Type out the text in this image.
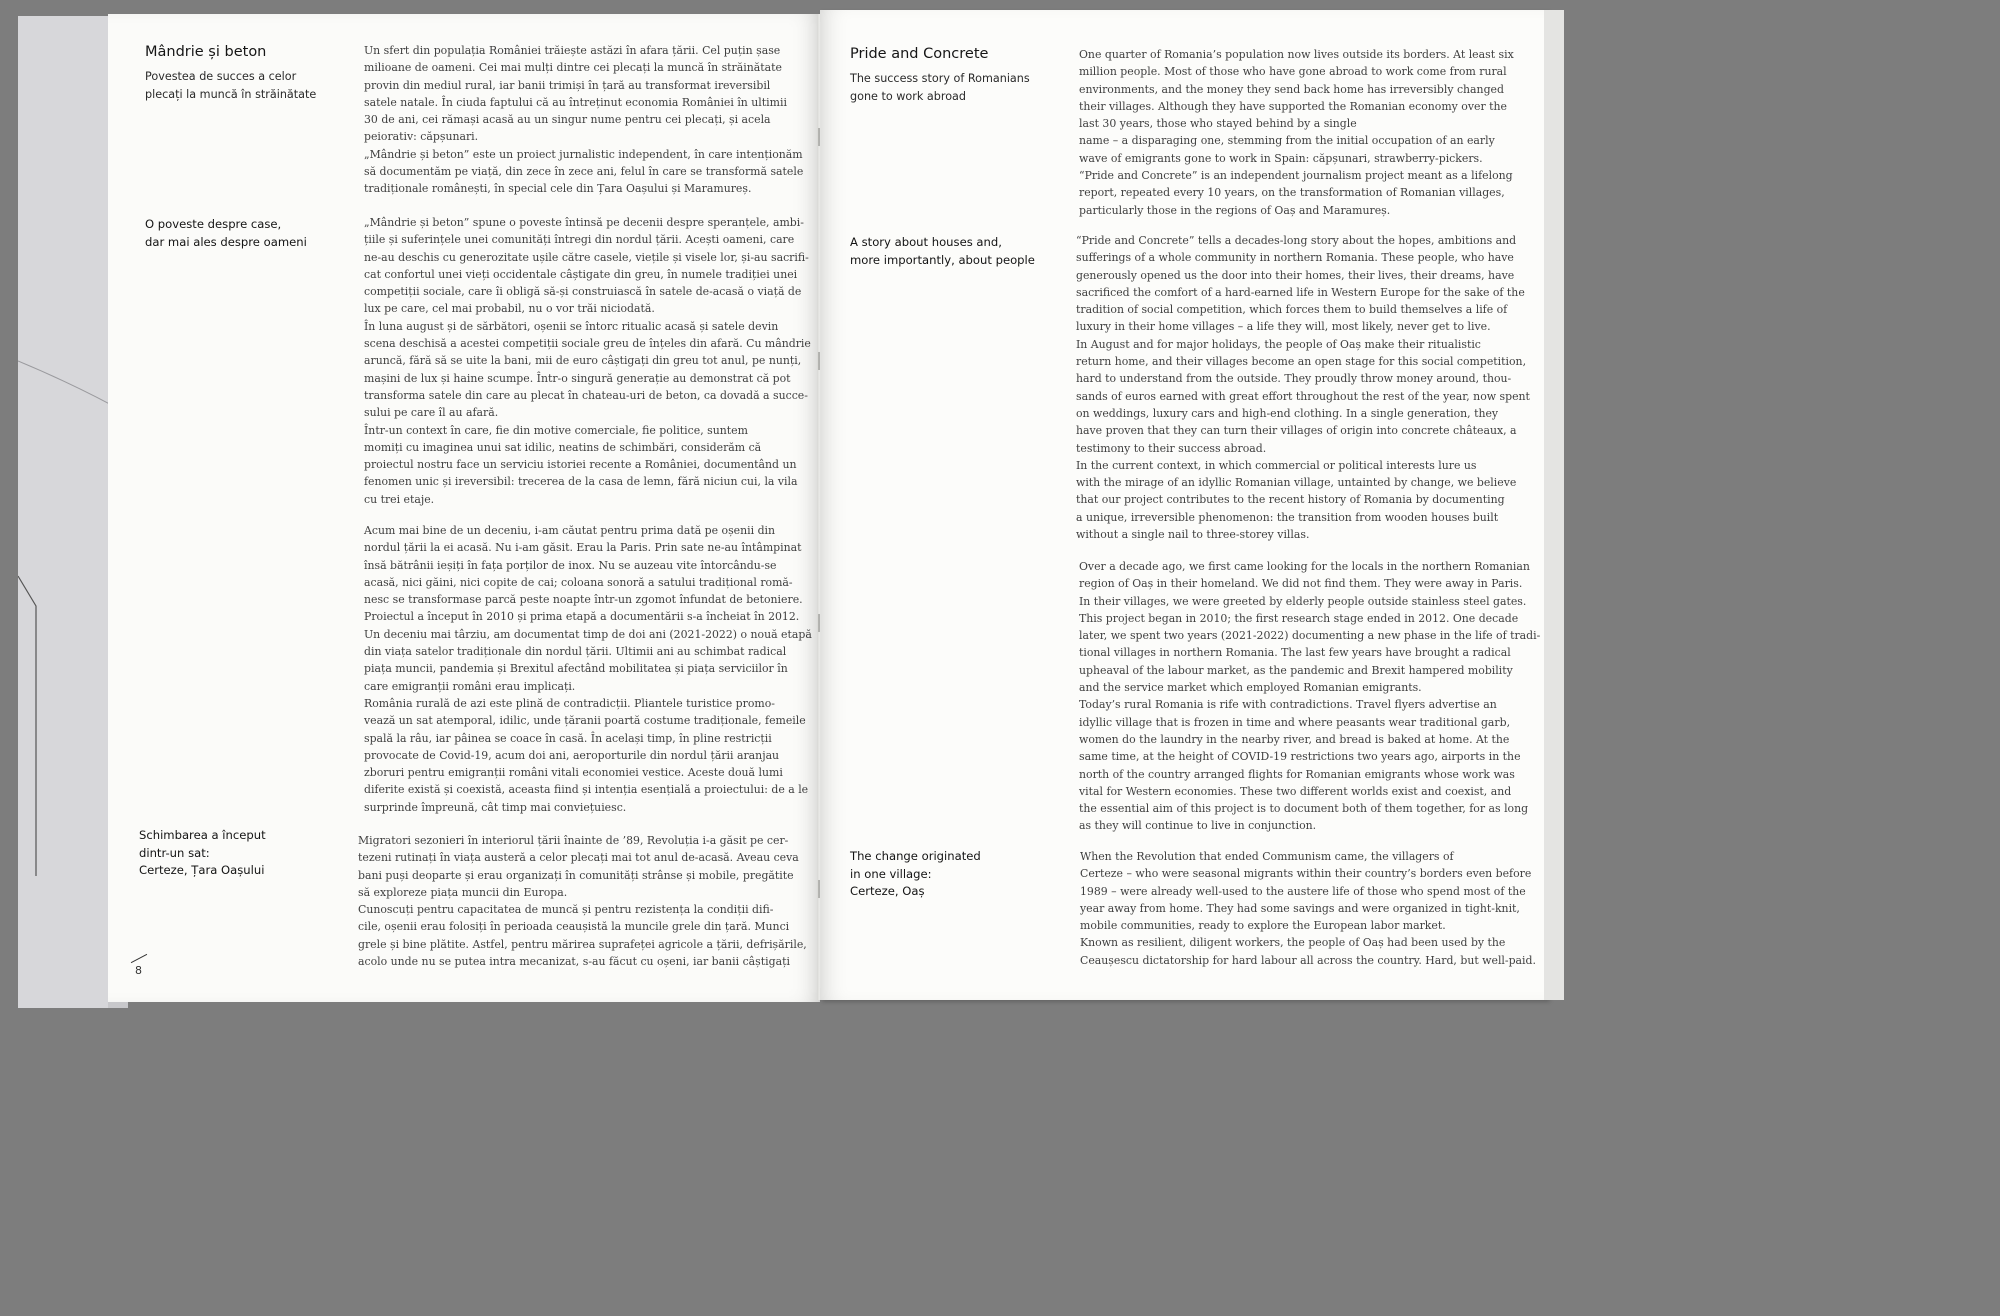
Mândrie și beton
Povestea de succes a celor
plecați la muncă în străinătate
Un sfert din populația României trăiește astăzi în afara țării. Cel puțin șase
milioane de oameni. Cei mai mulți dintre cei plecați la muncă în străinătate
provin din mediul rural, iar banii trimiși în țară au transformat ireversibil
satele natale. În ciuda faptului că au întreținut economia României în ultimii
30 de ani, cei rămași acasă au un singur nume pentru cei plecați, și acela
peiorativ: căpșunari.
„Mândrie și beton” este un proiect jurnalistic independent, în care intenționăm
să documentăm pe viață, din zece în zece ani, felul în care se transformă satele
tradiționale românești, în special cele din Țara Oașului și Maramureș.
O poveste despre case,
dar mai ales despre oameni
„Mândrie și beton” spune o poveste întinsă pe decenii despre speranțele, ambi-
țiile și suferințele unei comunități întregi din nordul țării. Acești oameni, care
ne-au deschis cu generozitate ușile către casele, viețile și visele lor, și-au sacrifi-
cat confortul unei vieți occidentale câștigate din greu, în numele tradiției unei
competiții sociale, care îi obligă să-și construiască în satele de-acasă o viață de
lux pe care, cel mai probabil, nu o vor trăi niciodată.
În luna august și de sărbători, oșenii se întorc ritualic acasă și satele devin
scena deschisă a acestei competiții sociale greu de înțeles din afară. Cu mândrie
aruncă, fără să se uite la bani, mii de euro câștigați din greu tot anul, pe nunți,
mașini de lux și haine scumpe. Într-o singură generație au demonstrat că pot
transforma satele din care au plecat în chateau-uri de beton, ca dovadă a succe-
sului pe care îl au afară.
Într-un context în care, fie din motive comerciale, fie politice, suntem
momiți cu imaginea unui sat idilic, neatins de schimbări, considerăm că
proiectul nostru face un serviciu istoriei recente a României, documentând un
fenomen unic și ireversibil: trecerea de la casa de lemn, fără niciun cui, la vila
cu trei etaje.
Acum mai bine de un deceniu, i-am căutat pentru prima dată pe oșenii din
nordul țării la ei acasă. Nu i-am găsit. Erau la Paris. Prin sate ne-au întâmpinat
însă bătrânii ieșiți în fața porților de inox. Nu se auzeau vite întorcându-se
acasă, nici găini, nici copite de cai; coloana sonoră a satului tradițional romă-
nesc se transformase parcă peste noapte într-un zgomot înfundat de betoniere.
Proiectul a început în 2010 și prima etapă a documentării s-a încheiat în 2012.
Un deceniu mai târziu, am documentat timp de doi ani (2021-2022) o nouă etapă
din viața satelor tradiționale din nordul țării. Ultimii ani au schimbat radical
piața muncii, pandemia și Brexitul afectând mobilitatea și piața serviciilor în
care emigranții români erau implicați.
România rurală de azi este plină de contradicții. Pliantele turistice promo-
vează un sat atemporal, idilic, unde țăranii poartă costume tradiționale, femeile
spală la râu, iar pâinea se coace în casă. În același timp, în pline restricții
provocate de Covid-19, acum doi ani, aeroporturile din nordul țării aranjau
zboruri pentru emigranții români vitali economiei vestice. Aceste două lumi
diferite există și coexistă, aceasta fiind și intenția esențială a proiectului: de a le
surprinde împreună, cât timp mai conviețuiesc.
Schimbarea a început
dintr-un sat:
Certeze, Țara Oașului
Migratori sezonieri în interiorul țării înainte de ’89, Revoluția i-a găsit pe cer-
tezeni rutinați în viața austeră a celor plecați mai tot anul de-acasă. Aveau ceva
bani puși deoparte și erau organizați în comunități strânse și mobile, pregătite
să exploreze piața muncii din Europa.
Cunoscuți pentru capacitatea de muncă și pentru rezistența la condiții difi-
cile, oșenii erau folosiți în perioada ceaușistă la muncile grele din țară. Munci
grele și bine plătite. Astfel, pentru mărirea suprafeței agricole a țării, defrișările,
acolo unde nu se putea intra mecanizat, s-au făcut cu oșeni, iar banii câștigați
8
Pride and Concrete
The success story of Romanians
gone to work abroad
One quarter of Romania’s population now lives outside its borders. At least six
million people. Most of those who have gone abroad to work come from rural
environments, and the money they send back home has irreversibly changed
their villages. Although they have supported the Romanian economy over the
last 30 years, those who stayed behind by a single
name – a disparaging one, stemming from the initial occupation of an early
wave of emigrants gone to work in Spain: căpșunari, strawberry-pickers.
“Pride and Concrete” is an independent journalism project meant as a lifelong
report, repeated every 10 years, on the transformation of Romanian villages,
particularly those in the regions of Oaș and Maramureș.
A story about houses and,
more importantly, about people
“Pride and Concrete” tells a decades-long story about the hopes, ambitions and
sufferings of a whole community in northern Romania. These people, who have
generously opened us the door into their homes, their lives, their dreams, have
sacrificed the comfort of a hard-earned life in Western Europe for the sake of the
tradition of social competition, which forces them to build themselves a life of
luxury in their home villages – a life they will, most likely, never get to live.
In August and for major holidays, the people of Oaș make their ritualistic
return home, and their villages become an open stage for this social competition,
hard to understand from the outside. They proudly throw money around, thou-
sands of euros earned with great effort throughout the rest of the year, now spent
on weddings, luxury cars and high-end clothing. In a single generation, they
have proven that they can turn their villages of origin into concrete châteaux, a
testimony to their success abroad.
In the current context, in which commercial or political interests lure us
with the mirage of an idyllic Romanian village, untainted by change, we believe
that our project contributes to the recent history of Romania by documenting
a unique, irreversible phenomenon: the transition from wooden houses built
without a single nail to three-storey villas.
Over a decade ago, we first came looking for the locals in the northern Romanian
region of Oaș in their homeland. We did not find them. They were away in Paris.
In their villages, we were greeted by elderly people outside stainless steel gates.
This project began in 2010; the first research stage ended in 2012. One decade
later, we spent two years (2021-2022) documenting a new phase in the life of tradi-
tional villages in northern Romania. The last few years have brought a radical
upheaval of the labour market, as the pandemic and Brexit hampered mobility
and the service market which employed Romanian emigrants.
Today’s rural Romania is rife with contradictions. Travel flyers advertise an
idyllic village that is frozen in time and where peasants wear traditional garb,
women do the laundry in the nearby river, and bread is baked at home. At the
same time, at the height of COVID-19 restrictions two years ago, airports in the
north of the country arranged flights for Romanian emigrants whose work was
vital for Western economies. These two different worlds exist and coexist, and
the essential aim of this project is to document both of them together, for as long
as they will continue to live in conjunction.
The change originated
in one village:
Certeze, Oaș
When the Revolution that ended Communism came, the villagers of
Certeze – who were seasonal migrants within their country’s borders even before
1989 – were already well-used to the austere life of those who spend most of the
year away from home. They had some savings and were organized in tight-knit,
mobile communities, ready to explore the European labor market.
Known as resilient, diligent workers, the people of Oaș had been used by the
Ceaușescu dictatorship for hard labour all across the country. Hard, but well-paid.
